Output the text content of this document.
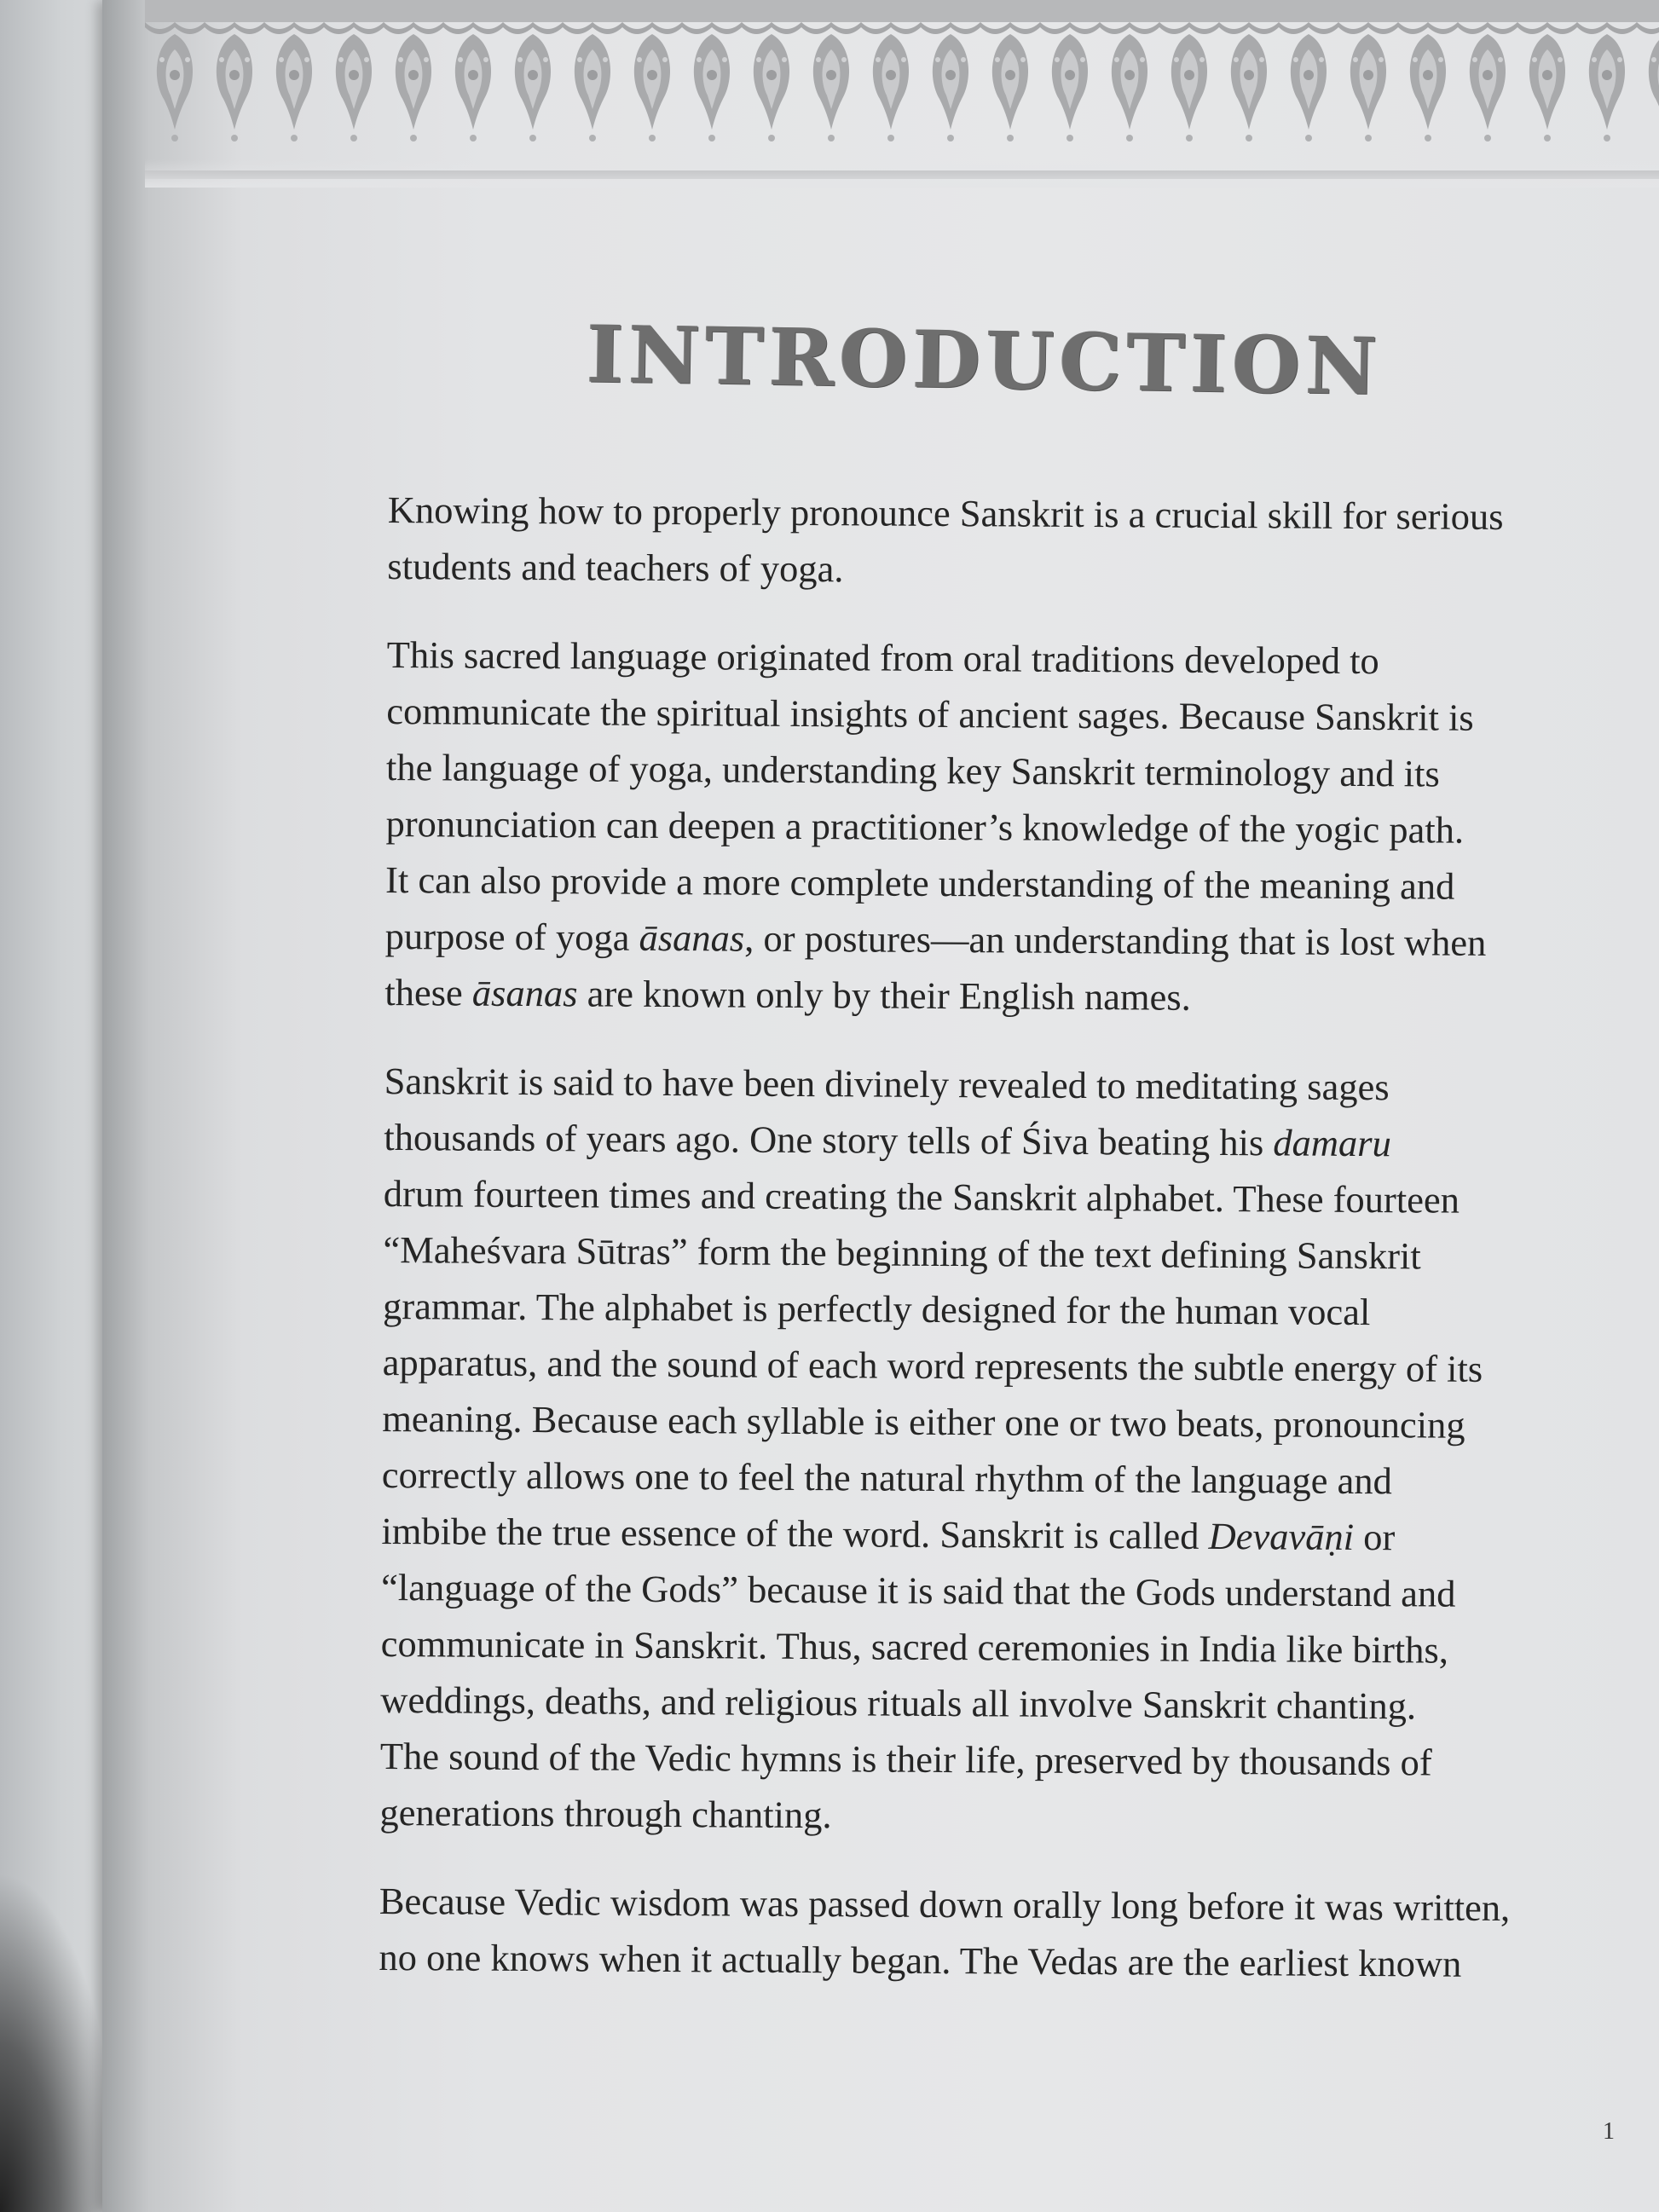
INTRODUCTION

Knowing how to properly pronounce Sanskrit is a crucial skill for serious
students and teachers of yoga.

This sacred language originated from oral traditions developed to
communicate the spiritual insights of ancient sages. Because Sanskrit is
the language of yoga, understanding key Sanskrit terminology and its
pronunciation can deepen a practitioner’s knowledge of the yogic path.
It can also provide a more complete understanding of the meaning and
purpose of yoga āsanas, or postures—an understanding that is lost when
these āsanas are known only by their English names.

Sanskrit is said to have been divinely revealed to meditating sages
thousands of years ago. One story tells of Śiva beating his damaru
drum fourteen times and creating the Sanskrit alphabet. These fourteen
“Maheśvara Sūtras” form the beginning of the text defining Sanskrit
grammar. The alphabet is perfectly designed for the human vocal
apparatus, and the sound of each word represents the subtle energy of its
meaning. Because each syllable is either one or two beats, pronouncing
correctly allows one to feel the natural rhythm of the language and
imbibe the true essence of the word. Sanskrit is called Devavāṇi or
“language of the Gods” because it is said that the Gods understand and
communicate in Sanskrit. Thus, sacred ceremonies in India like births,
weddings, deaths, and religious rituals all involve Sanskrit chanting.
The sound of the Vedic hymns is their life, preserved by thousands of
generations through chanting.

Because Vedic wisdom was passed down orally long before it was written,
no one knows when it actually began. The Vedas are the earliest known

1
